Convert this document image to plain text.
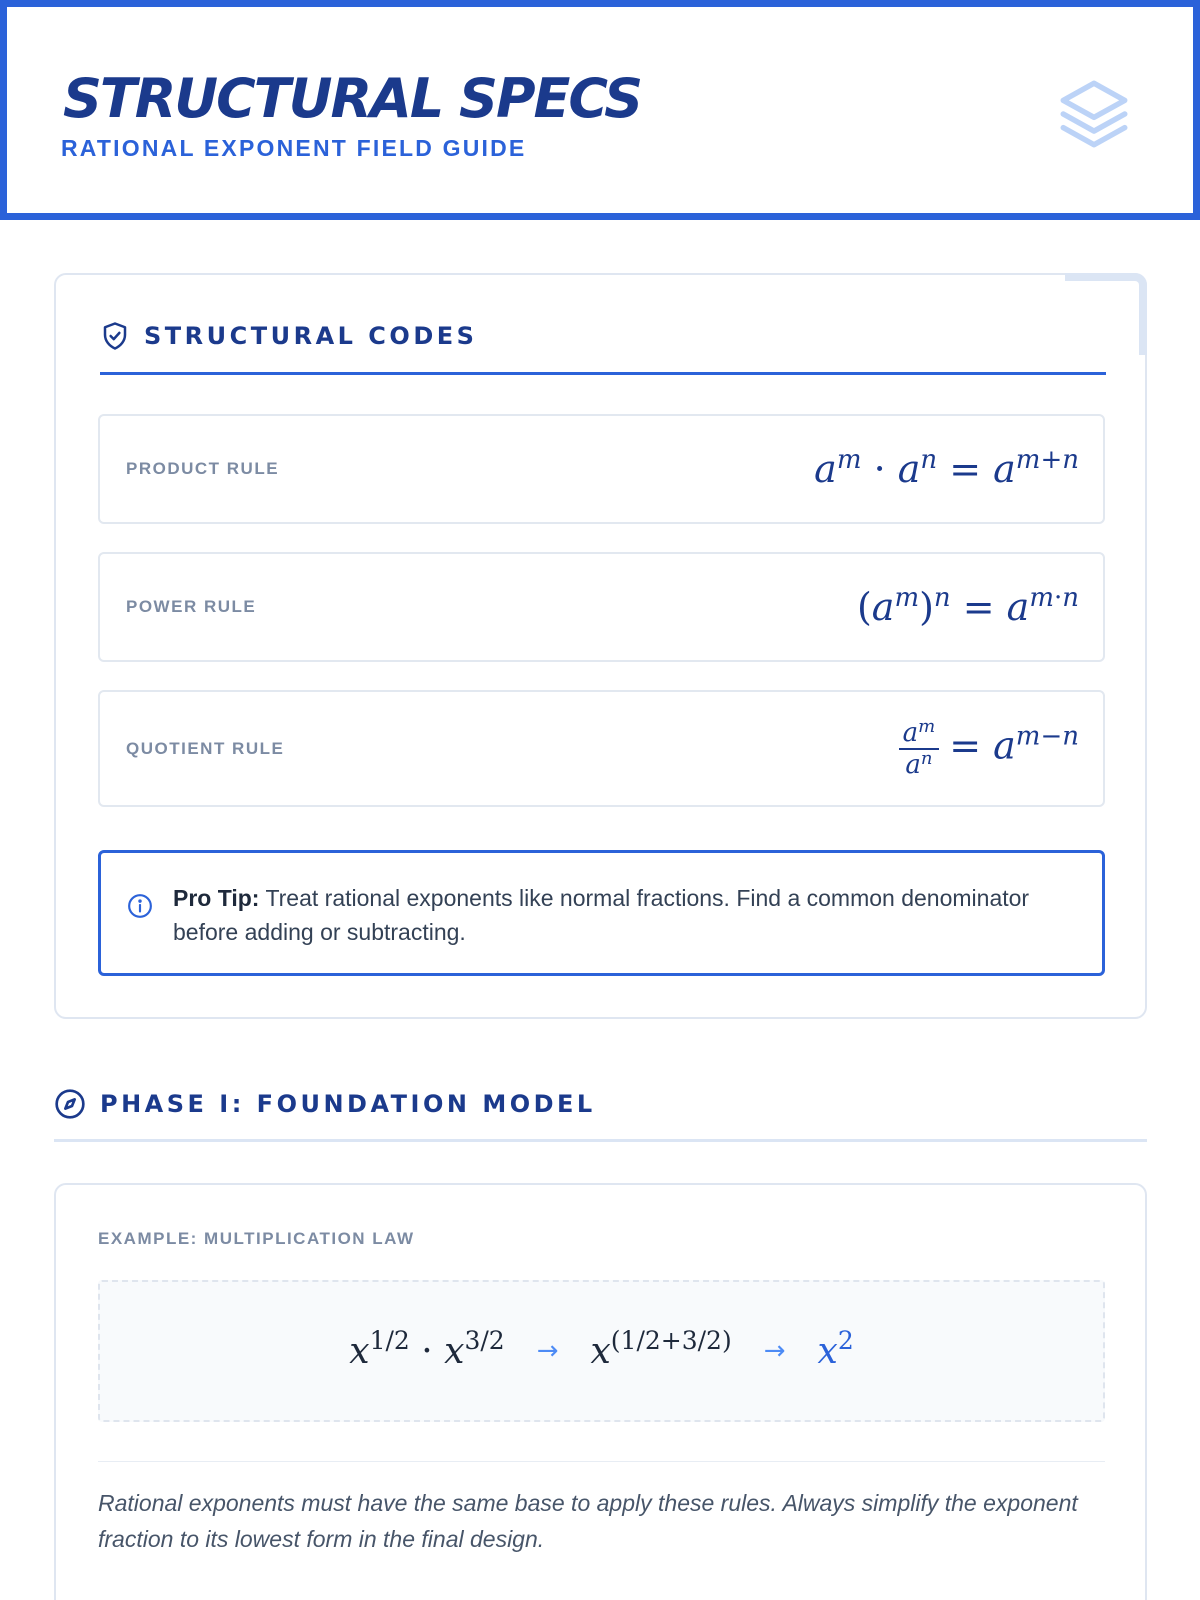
STRUCTURAL SPECS
RATIONAL EXPONENT FIELD GUIDE
STRUCTURAL CODES
PRODUCT RULE	$a^m \cdot a^n = a^{m+n}$
POWER RULE	$(a^m)^n = a^{m\cdot n}$
QUOTIENT RULE	$\frac{a^m}{a^n} = a^{m-n}$
Pro Tip: Treat rational exponents like normal fractions. Find a common denominator before adding or subtracting.
PHASE I: FOUNDATION MODEL
EXAMPLE: MULTIPLICATION LAW
$x^{1/2} \cdot x^{3/2} \to x^{(1/2+3/2)} \to x^2$
Rational exponents must have the same base to apply these rules. Always simplify the exponent fraction to its lowest form in the final design.
